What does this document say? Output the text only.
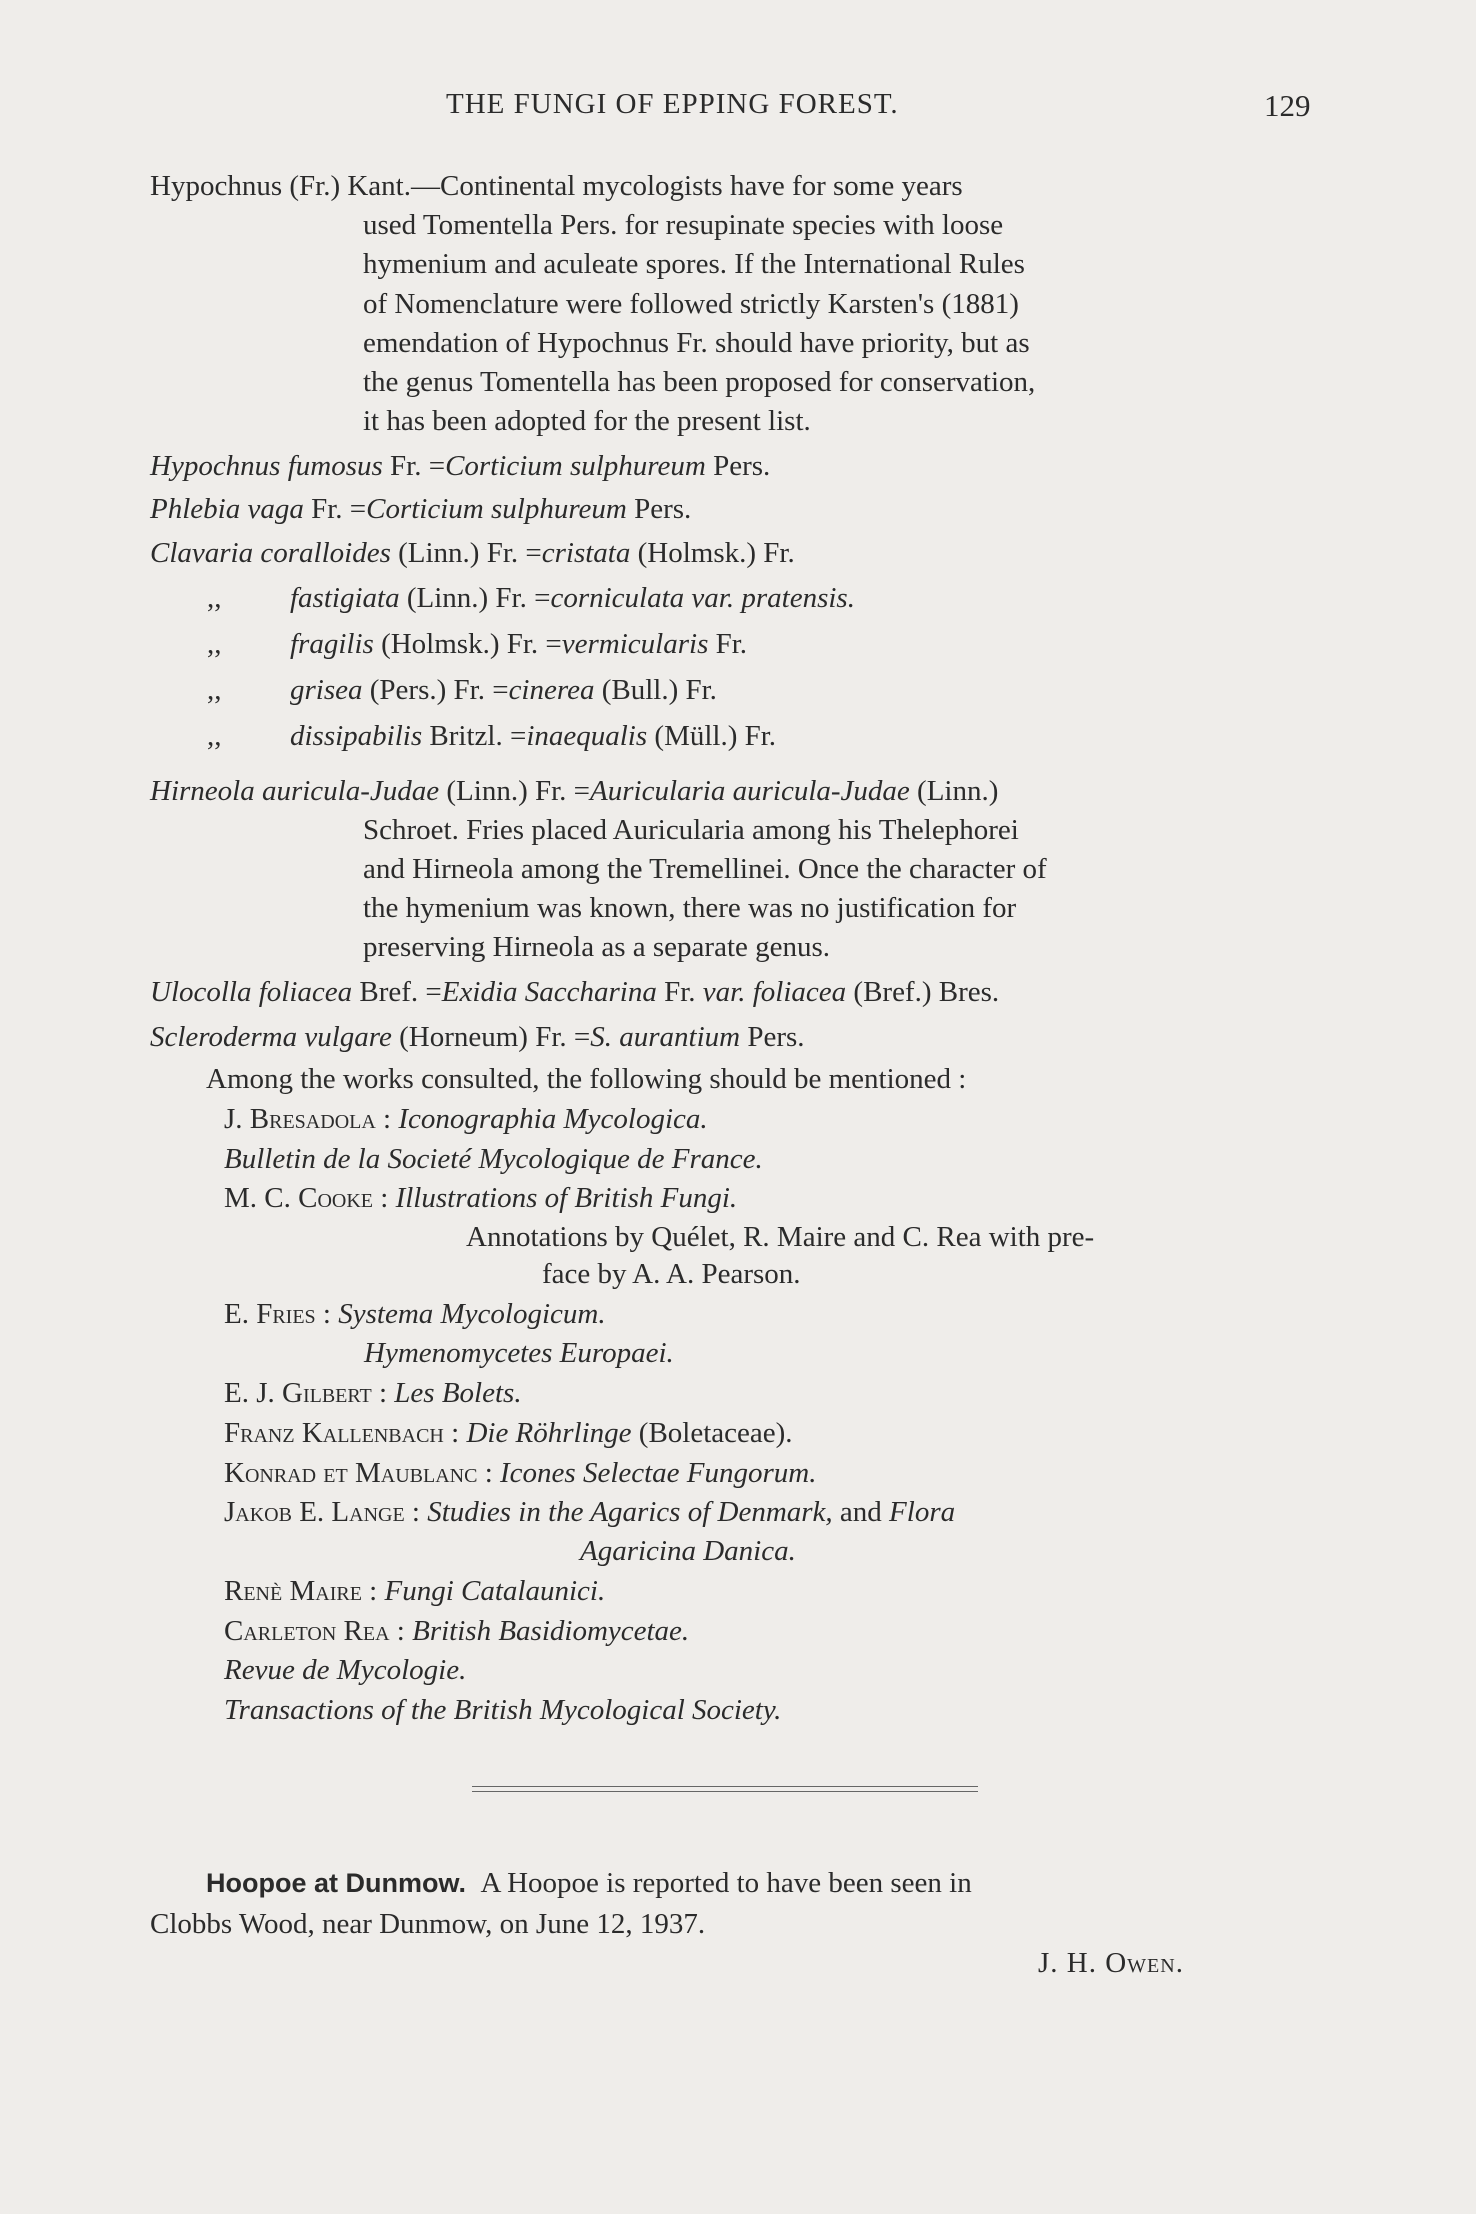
THE FUNGI OF EPPING FOREST.	129
Hypochnus (Fr.) Kant.—Continental mycologists have for some years
used Tomentella Pers. for resupinate species with loose
hymenium and aculeate spores. If the International Rules
of Nomenclature were followed strictly Karsten's (1881)
emendation of Hypochnus Fr. should have priority, but as
the genus Tomentella has been proposed for conservation,
it has been adopted for the present list.
Hypochnus fumosus Fr. =Corticium sulphureum Pers.
Phlebia vaga Fr. =Corticium sulphureum Pers.
Clavaria coralloides (Linn.) Fr. =cristata (Holmsk.) Fr.
,, fastigiata (Linn.) Fr. =corniculata var. pratensis.
,, fragilis (Holmsk.) Fr. =vermicularis Fr.
,, grisea (Pers.) Fr. =cinerea (Bull.) Fr.
,, dissipabilis Britzl. =inaequalis (Müll.) Fr.
Hirneola auricula-Judae (Linn.) Fr. =Auricularia auricula-Judae (Linn.)
Schroet. Fries placed Auricularia among his Thelephorei
and Hirneola among the Tremellinei. Once the character of
the hymenium was known, there was no justification for
preserving Hirneola as a separate genus.
Ulocolla foliacea Bref. =Exidia Saccharina Fr. var. foliacea (Bref.) Bres.
Scleroderma vulgare (Horneum) Fr. =S. aurantium Pers.
Among the works consulted, the following should be mentioned :
J. Bresadola : Iconographia Mycologica.
Bulletin de la Societé Mycologique de France.
M. C. Cooke : Illustrations of British Fungi.
Annotations by Quélet, R. Maire and C. Rea with pre-
face by A. A. Pearson.
E. Fries : Systema Mycologicum.
Hymenomycetes Europaei.
E. J. Gilbert : Les Bolets.
Franz Kallenbach : Die Röhrlinge (Boletaceae).
Konrad et Maublanc : Icones Selectae Fungorum.
Jakob E. Lange : Studies in the Agarics of Denmark, and Flora
Agaricina Danica.
Renè Maire : Fungi Catalaunici.
Carleton Rea : British Basidiomycetae.
Revue de Mycologie.
Transactions of the British Mycological Society.
Hoopoe at Dunmow. A Hoopoe is reported to have been seen in
Clobbs Wood, near Dunmow, on June 12, 1937.
J. H. Owen.
